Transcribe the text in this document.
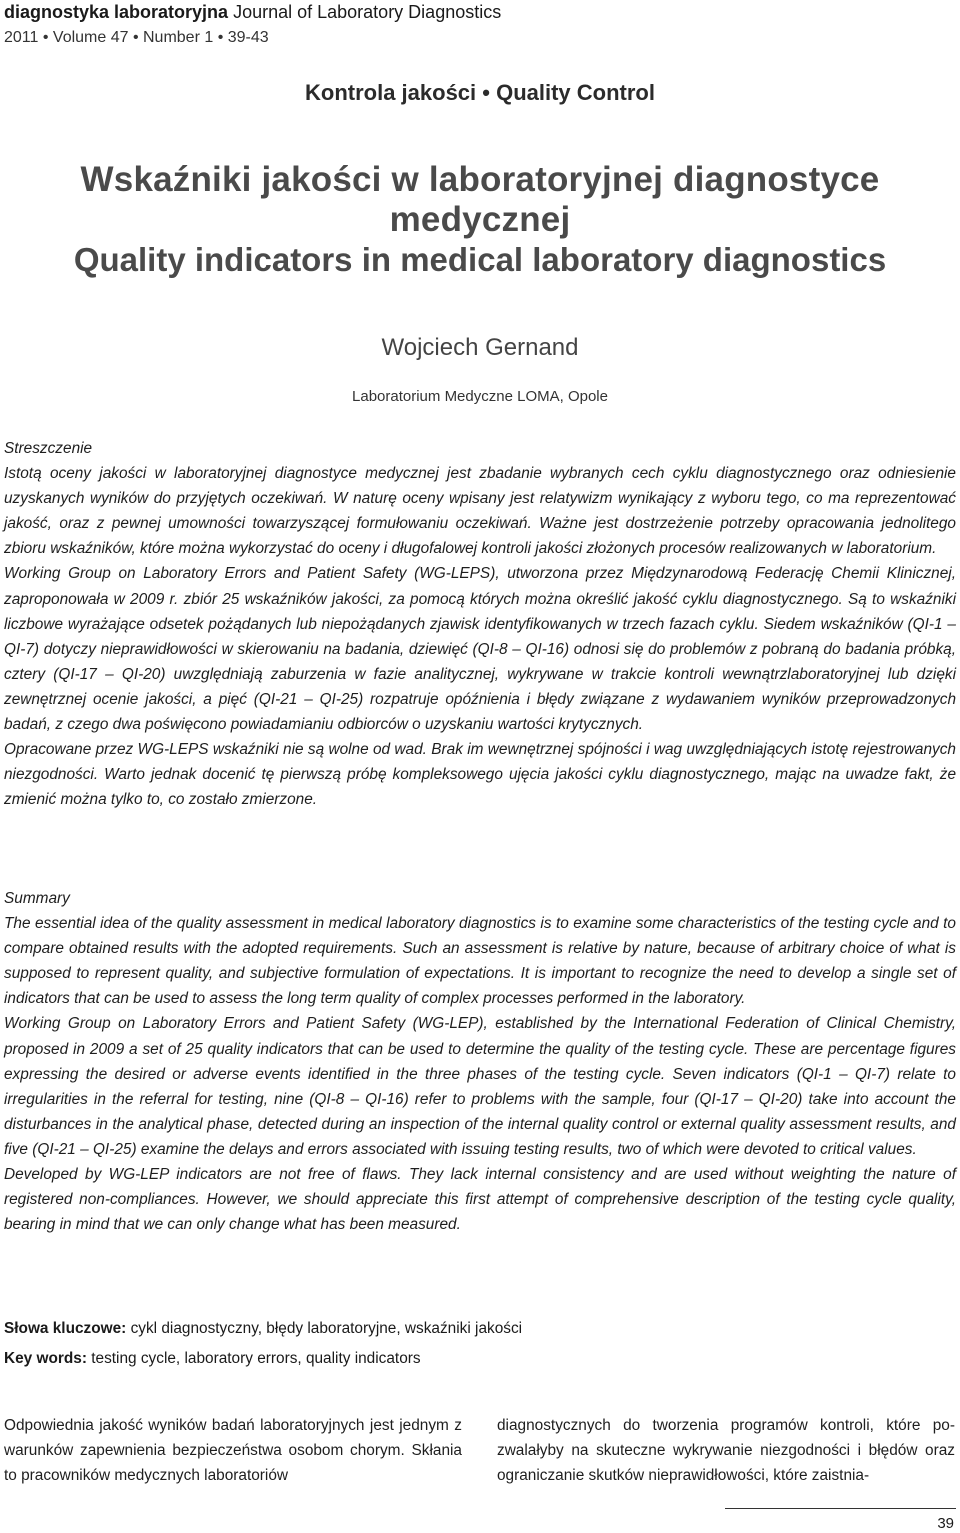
diagnostyka laboratoryjna Journal of Laboratory Diagnostics
2011 • Volume 47 • Number 1 • 39-43
Kontrola jakości • Quality Control
Wskaźniki jakości w laboratoryjnej diagnostyce medycznej
Quality indicators in medical laboratory diagnostics
Wojciech Gernand
Laboratorium Medyczne LOMA, Opole

Streszczenie

Istotą oceny jakości w laboratoryjnej diagnostyce medycznej jest zbadanie wybranych cech cyklu diagnostycznego oraz odniesienie uzyskanych wyników do przyjętych oczekiwań. W naturę oceny wpisany jest relatywizm wynikający z wyboru tego, co ma reprezentować jakość, oraz z pewnej umowności towarzyszącej formułowaniu oczekiwań. Ważne jest dostrzeżenie potrzeby opracowania jednolitego zbioru wskaźników, które można wykorzystać do oceny i długofalowej kontroli jakości złożonych procesów realizowanych w laboratorium.

Working Group on Laboratory Errors and Patient Safety (WG-LEPS), utworzona przez Międzynarodową Federację Chemii Klinicznej, zaproponowała w 2009 r. zbiór 25 wskaźników jakości, za pomocą których można określić jakość cyklu diagnostycznego. Są to wskaźniki liczbowe wyrażające odsetek pożądanych lub niepożądanych zjawisk identyfikowanych w trzech fazach cyklu. Siedem wskaźników (QI-1 – QI-7) dotyczy nieprawidłowości w skierowaniu na badania, dziewięć (QI-8 – QI-16) odnosi się do problemów z pobraną do badania próbką, cztery (QI-17 – QI-20) uwzględniają zaburzenia w fazie analitycznej, wykrywane w trakcie kontroli wewnątrzlaboratoryjnej lub dzięki zewnętrznej ocenie jakości, a pięć (QI-21 – QI-25) rozpatruje opóźnienia i błędy związane z wydawaniem wyników przeprowadzonych badań, z czego dwa poświęcono powiadamianiu odbiorców o uzyskaniu wartości krytycznych.

Opracowane przez WG-LEPS wskaźniki nie są wolne od wad. Brak im wewnętrznej spójności i wag uwzględniających istotę rejestrowanych niezgodności. Warto jednak docenić tę pierwszą próbę kompleksowego ujęcia jakości cyklu diagnostycznego, mając na uwadze fakt, że zmienić można tylko to, co zostało zmierzone.

Summary

The essential idea of the quality assessment in medical laboratory diagnostics is to examine some characteristics of the testing cycle and to compare obtained results with the adopted requirements. Such an assessment is relative by nature, because of arbitrary choice of what is supposed to represent quality, and subjective formulation of expectations. It is important to recognize the need to develop a single set of indicators that can be used to assess the long term quality of complex processes performed in the laboratory.

Working Group on Laboratory Errors and Patient Safety (WG-LEP), established by the International Federation of Clinical Chemistry, proposed in 2009 a set of 25 quality indicators that can be used to determine the quality of the testing cycle. These are percentage figures expressing the desired or adverse events identified in the three phases of the testing cycle. Seven indicators (QI-1 – QI-7) relate to irregularities in the referral for testing, nine (QI-8 – QI-16) refer to problems with the sample, four (QI-17 – QI-20) take into account the disturbances in the analytical phase, detected during an inspection of the internal quality control or external quality assessment results, and five (QI-21 – QI-25) examine the delays and errors associated with issuing testing results, two of which were devoted to critical values.

Developed by WG-LEP indicators are not free of flaws. They lack internal consistency and are used without weighting the nature of registered non-compliances. However, we should appreciate this first attempt of comprehensive description of the testing cycle quality, bearing in mind that we can only change what has been measured.

Słowa kluczowe: cykl diagnostyczny, błędy laboratoryjne, wskaźniki jakości
Key words: testing cycle, laboratory errors, quality indicators
Odpowiednia jakość wyników badań laboratoryjnych jest jednym z warunków zapewnienia bezpieczeństwa osobom chorym. Skłania to pracowników medycznych laboratoriów
diagnostycznych do tworzenia programów kontroli, które pozwalałyby na skuteczne wykrywanie niezgodności i błędów oraz ograniczanie skutków nieprawidłowości, które zaistnia-
39
